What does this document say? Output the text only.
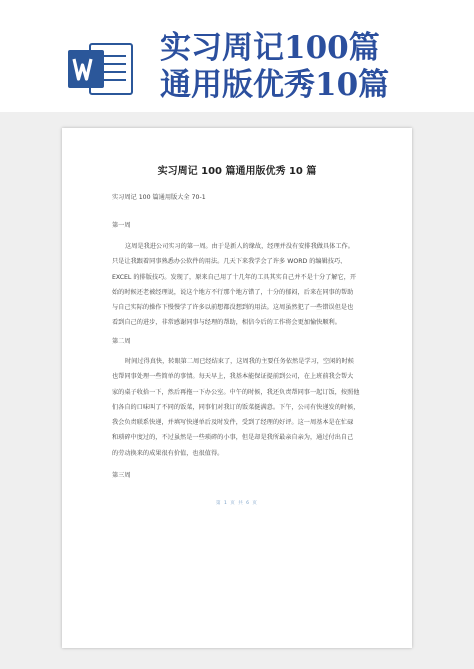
实习周记100篇
通用版优秀10篇
实习周记 100 篇通用版优秀 10 篇
实习周记 100 篇通用版大全 70-1
第一周
这周是我进公司实习的第一周。由于是新人的缘故，经理并没有安排我做具体工作。
只是让我跟着同事熟悉办公软件的用法。几天下来我学会了许多 WORD 的编辑技巧、
EXCEL 的排版技巧。发现了，原来自己用了十几年的工具其实自己并不是十分了解它，开
始的时候还老被经理说，说这个地方不行那个地方错了，十分的郁闷，后来在同事的帮助
与自己实际的操作下慢慢学了许多以前想都没想到的用法。这周虽然犯了一些错误但是也
看到自己的进步，非常感谢同事与经理的帮助，相信今后的工作将会更加愉快顺利。
第二周
时间过得真快，转眼第二周已经结束了，这周我的主要任务依然是学习，空闲的时候
也帮同事处理一些简单的事情。每天早上，我基本能保证提前到公司，在上班前我会帮大
家的桌子收拾一下，然后再拖一下办公室。中午的时候，我还负责帮同事一起订饭，按照他
们各自的口味叫了不同的饭菜，同事们对我订的饭菜挺满意。下午，公司有快递发的时候，
我会负责联系快递，并填写快递单后及时发件，受到了经理的好评。这一周基本是在忙碌
和琐碎中度过的，不过虽然是一些琐碎的小事，但是却是我所最亲自亲为，通过付出自己
的劳动换来的成果很有价值，也很值得。
第三周
第 1 页 共 6 页
